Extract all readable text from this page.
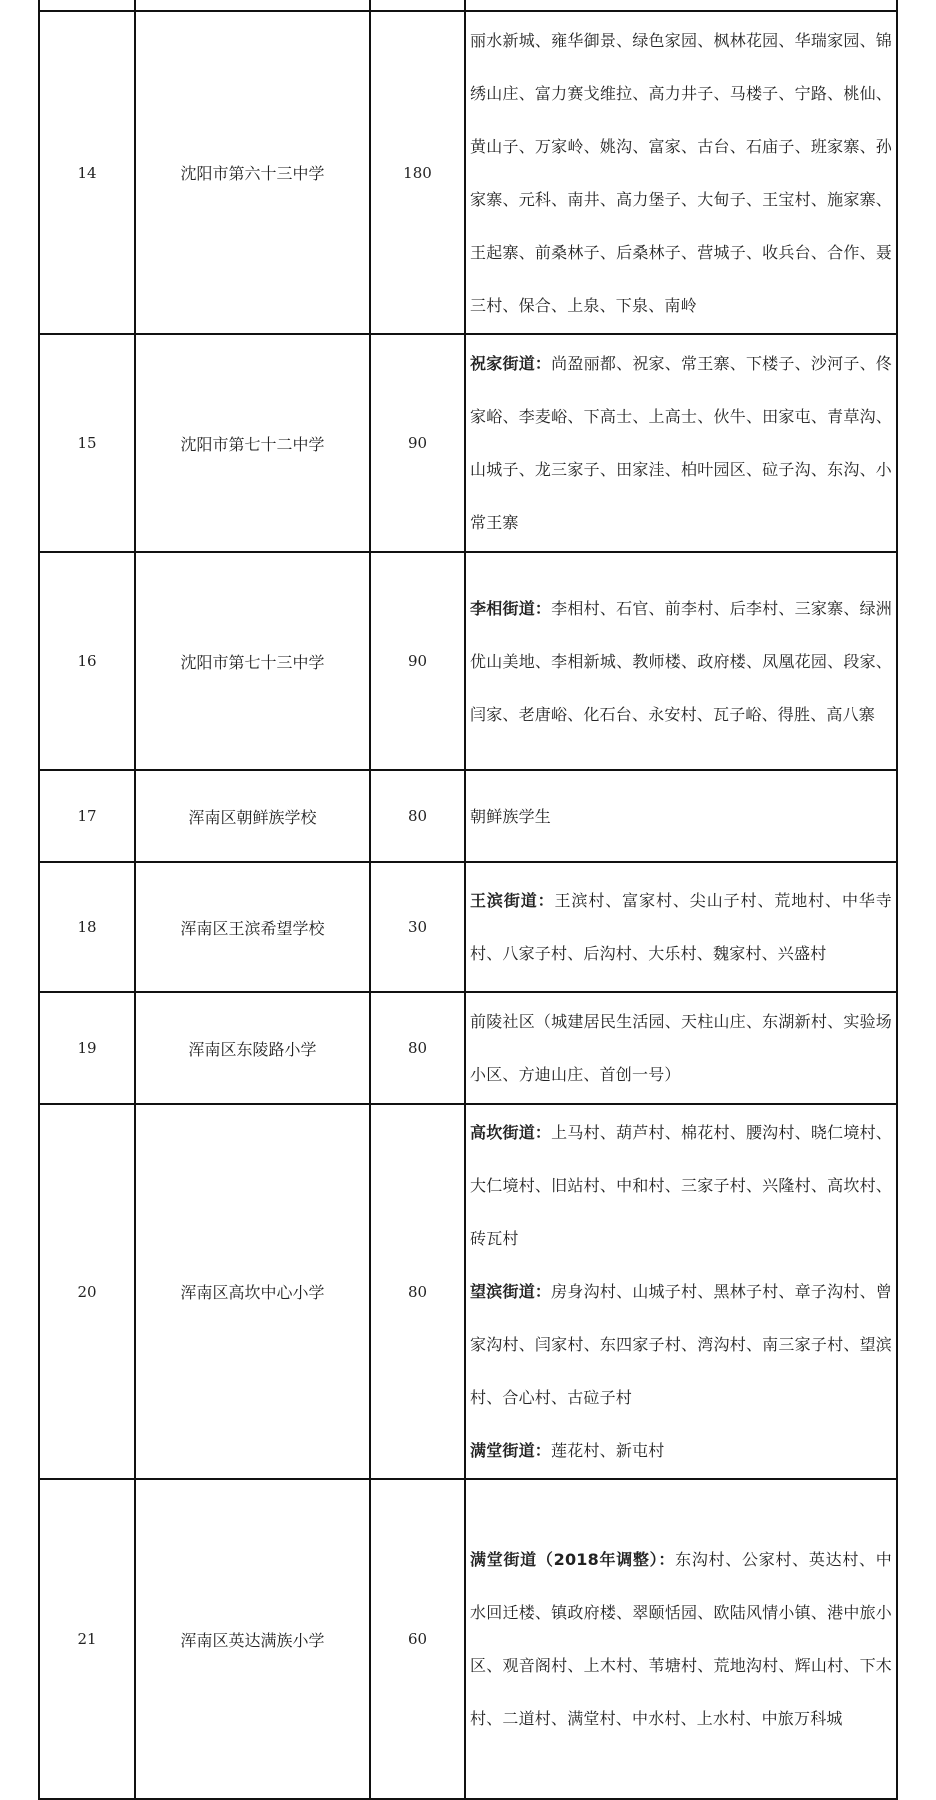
14	沈阳市第六十三中学	180	丽水新城、雍华御景、绿色家园、枫林花园、华瑞家园、锦绣山庄、富力赛戈维拉、高力井子、马楼子、宁路、桃仙、黄山子、万家岭、姚沟、富家、古台、石庙子、班家寨、孙家寨、元科、南井、高力堡子、大甸子、王宝村、施家寨、王起寨、前桑林子、后桑林子、营城子、收兵台、合作、聂三村、保合、上泉、下泉、南岭

15	沈阳市第七十二中学	90	祝家街道：尚盈丽都、祝家、常王寨、下楼子、沙河子、佟家峪、李麦峪、下高士、上高士、伙牛、田家屯、青草沟、山城子、龙三家子、田家洼、柏叶园区、砬子沟、东沟、小常王寨

16	沈阳市第七十三中学	90	李相街道：李相村、石官、前李村、后李村、三家寨、绿洲优山美地、李相新城、教师楼、政府楼、凤凰花园、段家、闫家、老唐峪、化石台、永安村、瓦子峪、得胜、高八寨

17	浑南区朝鲜族学校	80	朝鲜族学生

18	浑南区王滨希望学校	30	王滨街道：王滨村、富家村、尖山子村、荒地村、中华寺村、八家子村、后沟村、大乐村、魏家村、兴盛村

19	浑南区东陵路小学	80	前陵社区（城建居民生活园、天柱山庄、东湖新村、实验场小区、方迪山庄、首创一号）

20	浑南区高坎中心小学	80	高坎街道：上马村、葫芦村、棉花村、腰沟村、晓仁境村、大仁境村、旧站村、中和村、三家子村、兴隆村、高坎村、砖瓦村
望滨街道：房身沟村、山城子村、黑林子村、章子沟村、曾家沟村、闫家村、东四家子村、湾沟村、南三家子村、望滨村、合心村、古砬子村
满堂街道：莲花村、新屯村

21	浑南区英达满族小学	60	满堂街道（2018年调整）：东沟村、公家村、英达村、中水回迁楼、镇政府楼、翠颐恬园、欧陆风情小镇、港中旅小区、观音阁村、上木村、苇塘村、荒地沟村、辉山村、下木村、二道村、满堂村、中水村、上水村、中旅万科城
